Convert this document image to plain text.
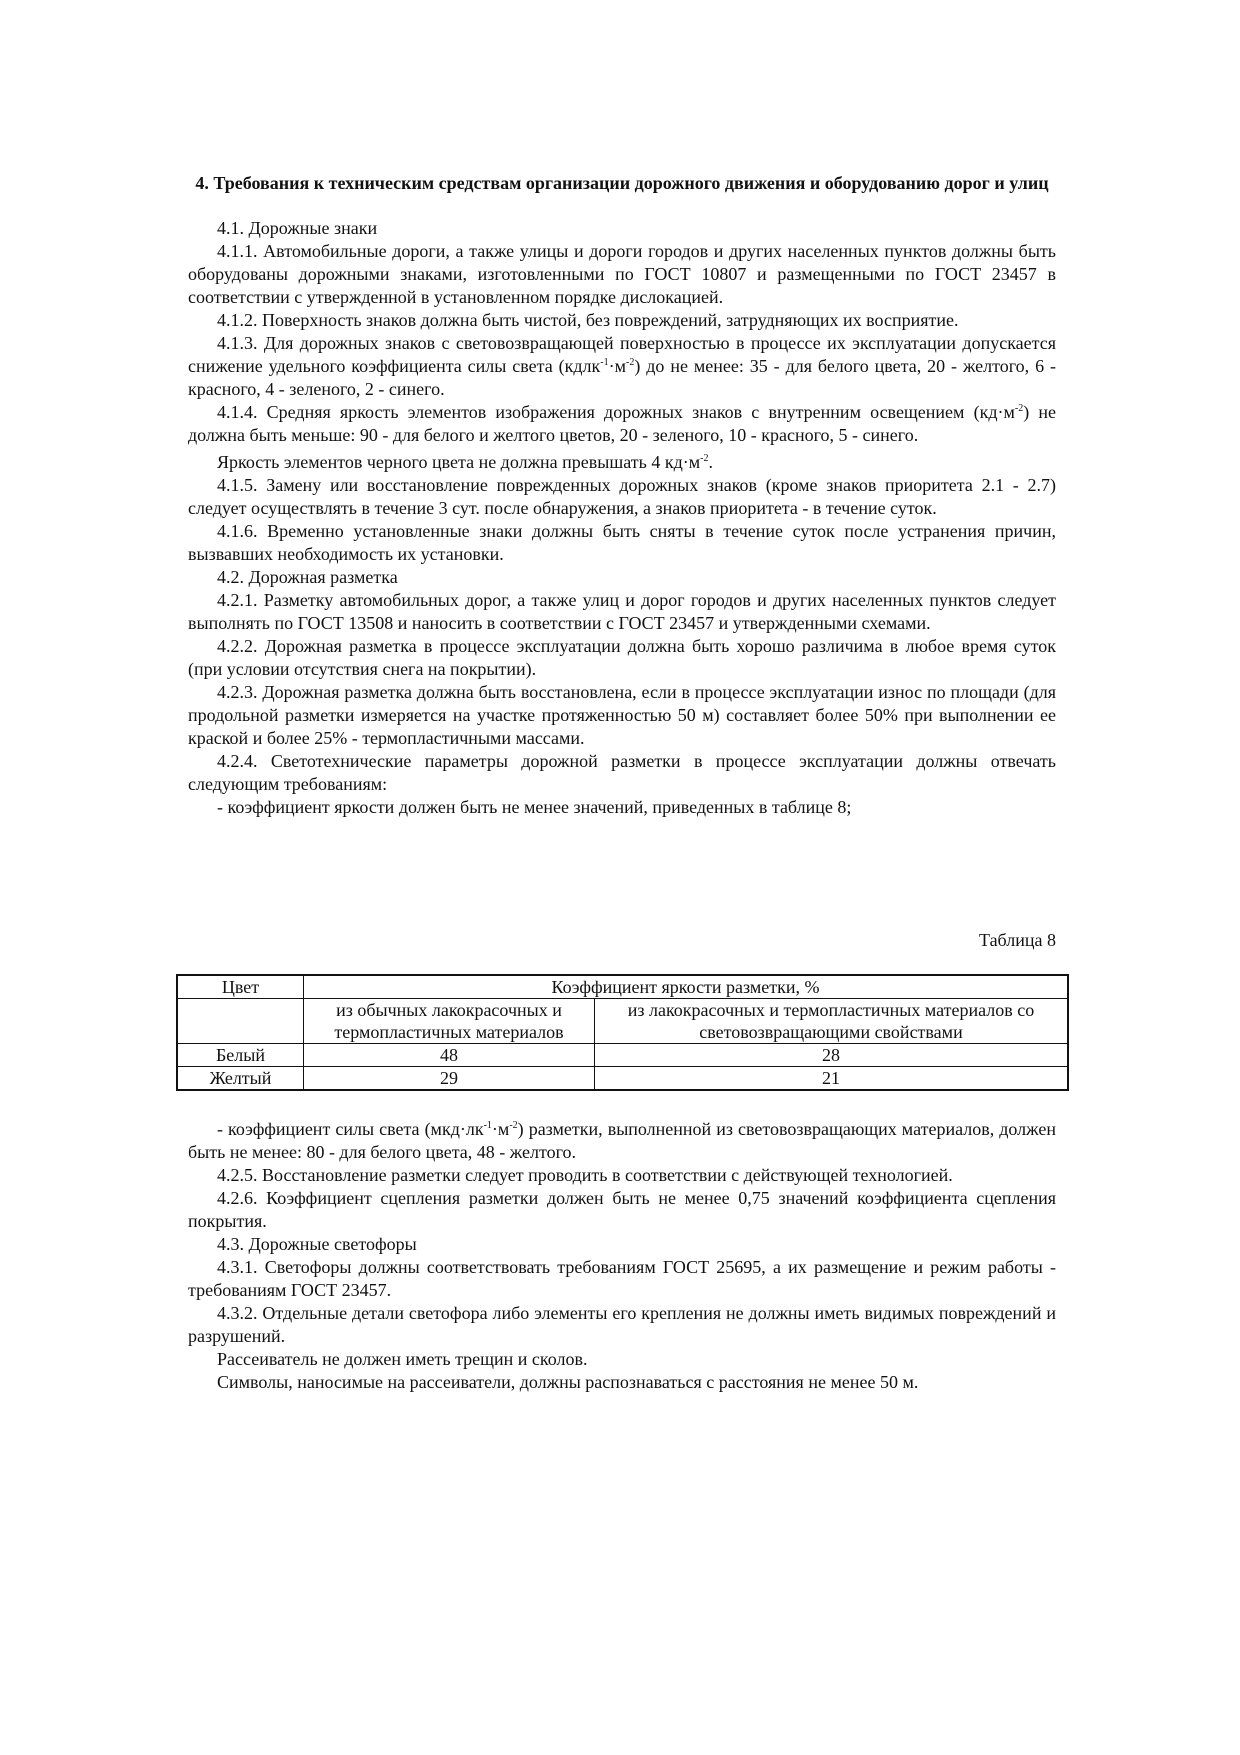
4. Требования к техническим средствам организации дорожного движения и оборудованию дорог и улиц

4.1. Дорожные знаки

4.1.1. Автомобильные дороги, а также улицы и дороги городов и других населенных пунктов должны быть оборудованы дорожными знаками, изготовленными по ГОСТ 10807 и размещенными по ГОСТ 23457 в соответствии с утвержденной в установленном порядке дислокацией.

4.1.2. Поверхность знаков должна быть чистой, без повреждений, затрудняющих их восприятие.

4.1.3. Для дорожных знаков с световозвращающей поверхностью в процессе их эксплуатации допускается снижение удельного коэффициента силы света $(кдлк^{-1}\cdot м^{-2})$ до не менее: 35 - для белого цвета, 20 - желтого, 6 - красного, 4 - зеленого, 2 - синего.

4.1.4. Средняя яркость элементов изображения дорожных знаков с внутренним освещением $(кд\cdot м^{-2})$ не должна быть меньше: 90 - для белого и желтого цветов, 20 - зеленого, 10 - красного, 5 - синего.

Яркость элементов черного цвета не должна превышать 4 $кд\cdot м^{-2}$.

4.1.5. Замену или восстановление поврежденных дорожных знаков (кроме знаков приоритета 2.1 - 2.7) следует осуществлять в течение 3 сут. после обнаружения, а знаков приоритета - в течение суток.

4.1.6. Временно установленные знаки должны быть сняты в течение суток после устранения причин, вызвавших необходимость их установки.

4.2. Дорожная разметка

4.2.1. Разметку автомобильных дорог, а также улиц и дорог городов и других населенных пунктов следует выполнять по ГОСТ 13508 и наносить в соответствии с ГОСТ 23457 и утвержденными схемами.

4.2.2. Дорожная разметка в процессе эксплуатации должна быть хорошо различима в любое время суток (при условии отсутствия снега на покрытии).

4.2.3. Дорожная разметка должна быть восстановлена, если в процессе эксплуатации износ по площади (для продольной разметки измеряется на участке протяженностью 50 м) составляет более 50% при выполнении ее краской и более 25% - термопластичными массами.

4.2.4. Светотехнические параметры дорожной разметки в процессе эксплуатации должны отвечать следующим требованиям:

- коэффициент яркости должен быть не менее значений, приведенных в таблице 8;

Таблица 8
Цвет	Коэффициент яркости разметки, %	
	из обычных лакокрасочных и термопластичных материалов	из лакокрасочных и термопластичных материалов со световозвращающими свойствами
Белый	48	28
Желтый	29	21

- коэффициент силы света $(мкд\cdot лк^{-1}\cdot м^{-2})$ разметки, выполненной из световозвращающих материалов, должен быть не менее: 80 - для белого цвета, 48 - желтого.

4.2.5. Восстановление разметки следует проводить в соответствии с действующей технологией.

4.2.6. Коэффициент сцепления разметки должен быть не менее 0,75 значений коэффициента сцепления покрытия.

4.3. Дорожные светофоры

4.3.1. Светофоры должны соответствовать требованиям ГОСТ 25695, а их размещение и режим работы - требованиям ГОСТ 23457.

4.3.2. Отдельные детали светофора либо элементы его крепления не должны иметь видимых повреждений и разрушений.

Рассеиватель не должен иметь трещин и сколов.

Символы, наносимые на рассеиватели, должны распознаваться с расстояния не менее 50 м.
